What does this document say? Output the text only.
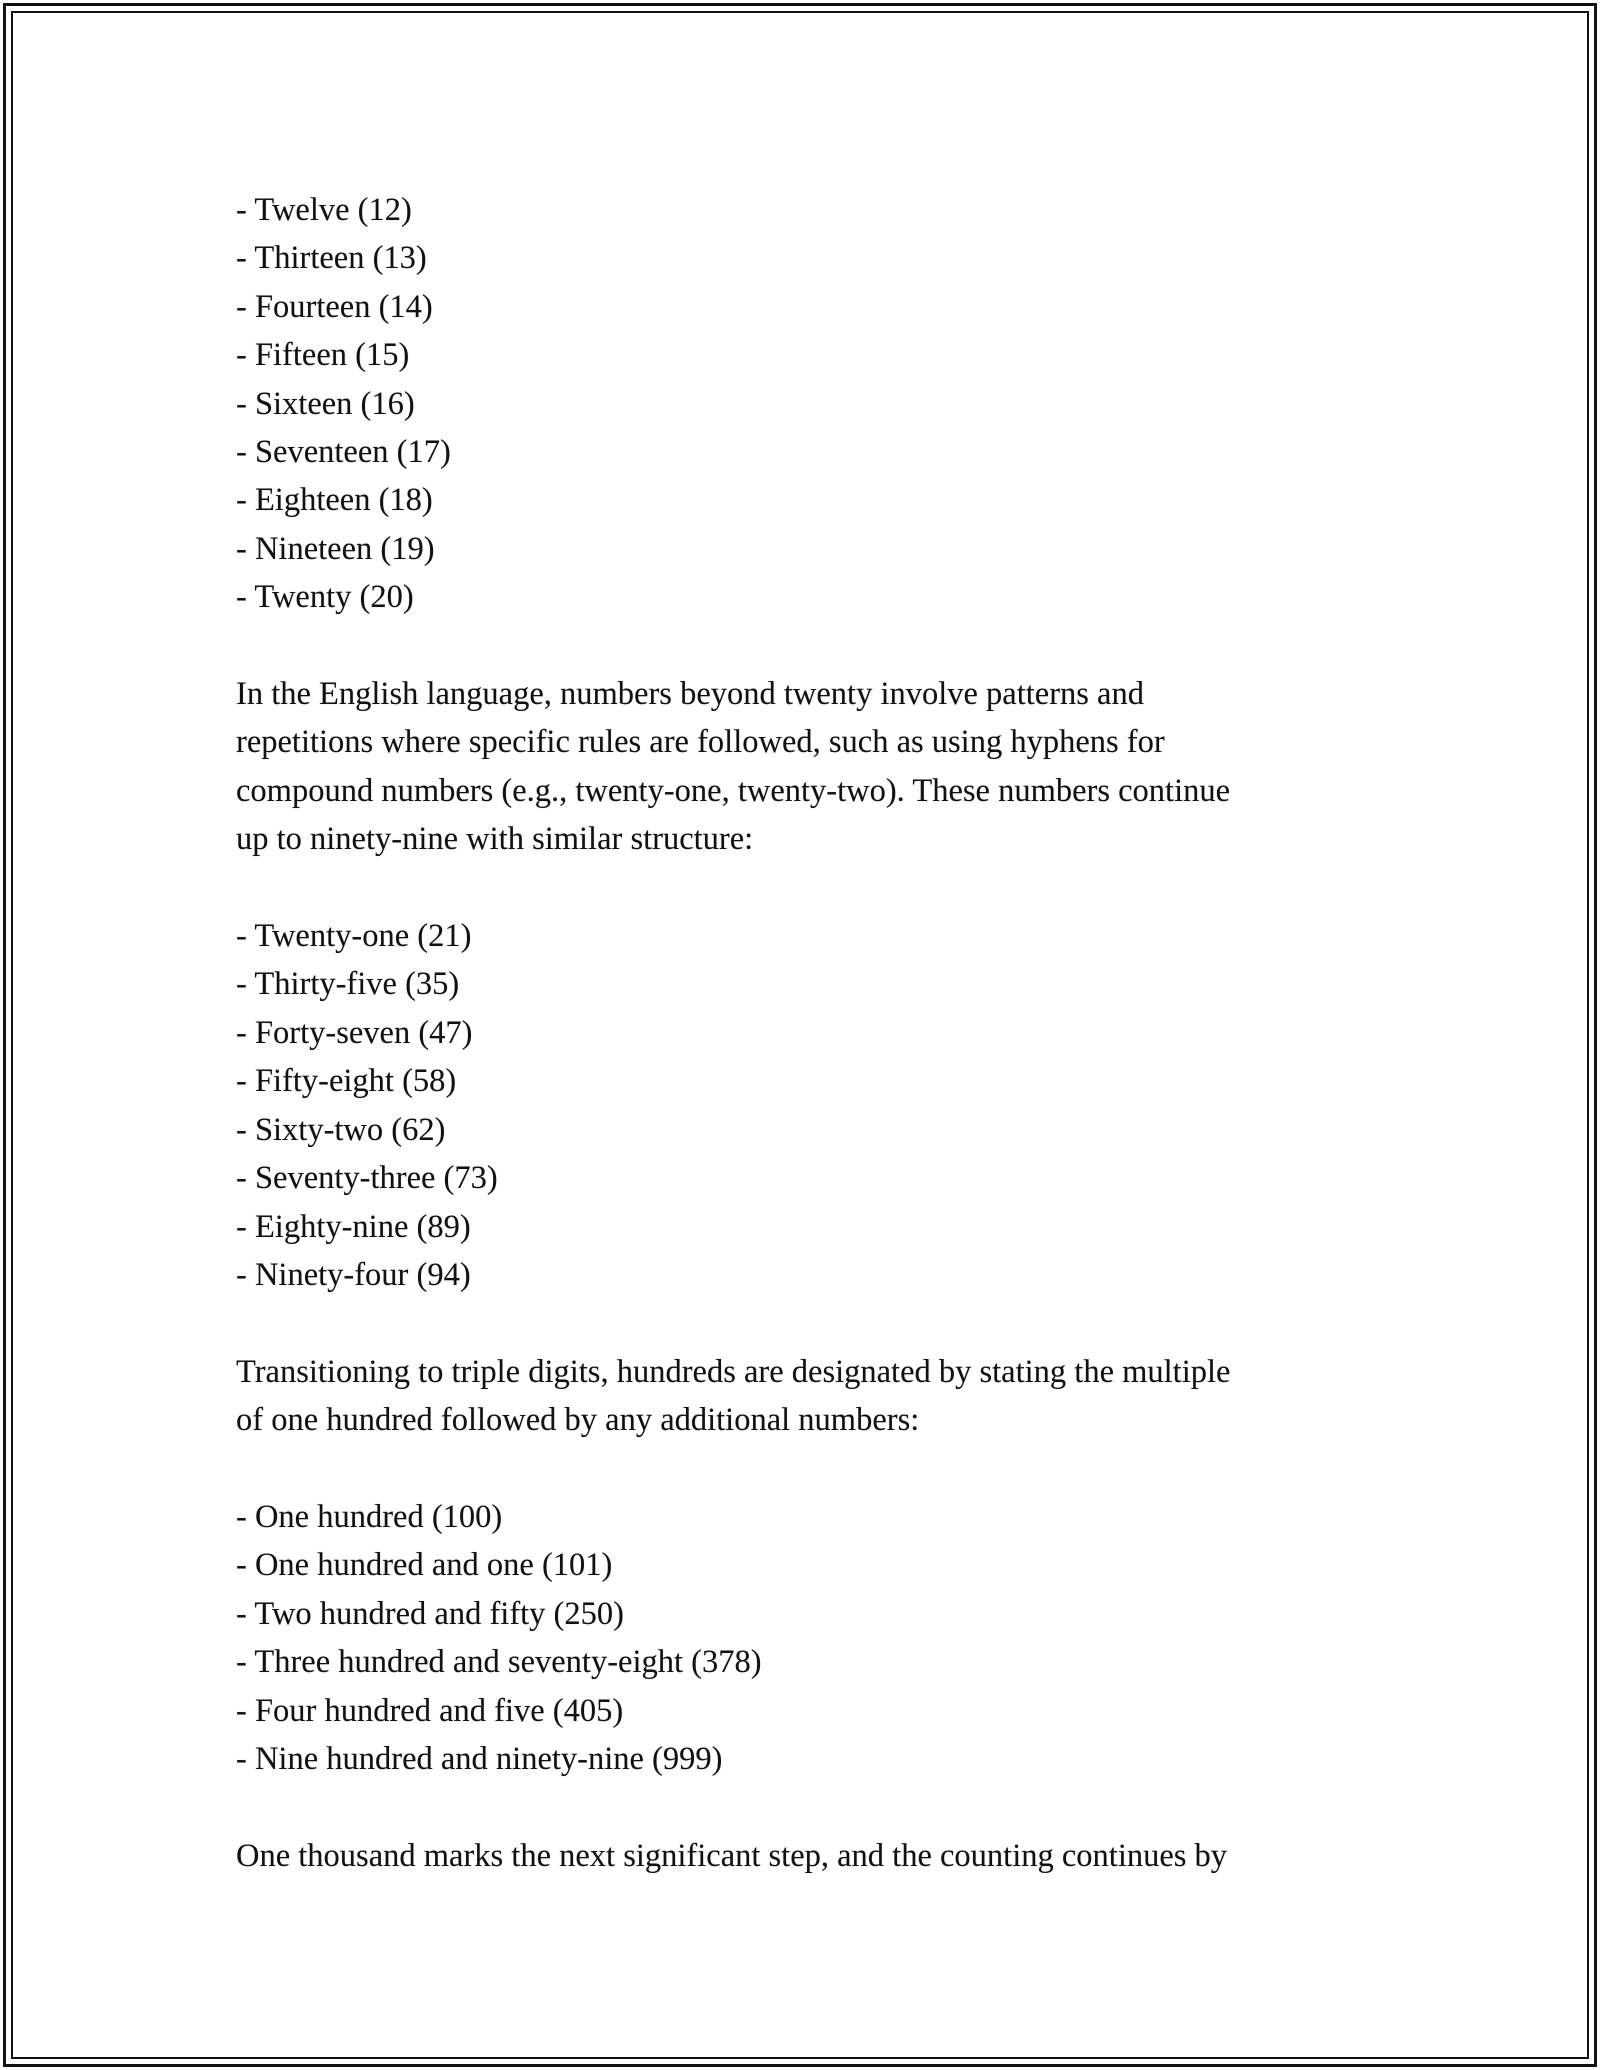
- Twelve (12)
- Thirteen (13)
- Fourteen (14)
- Fifteen (15)
- Sixteen (16)
- Seventeen (17)
- Eighteen (18)
- Nineteen (19)
- Twenty (20)
In the English language, numbers beyond twenty involve patterns and
repetitions where specific rules are followed, such as using hyphens for
compound numbers (e.g., twenty-one, twenty-two). These numbers continue
up to ninety-nine with similar structure:
- Twenty-one (21)
- Thirty-five (35)
- Forty-seven (47)
- Fifty-eight (58)
- Sixty-two (62)
- Seventy-three (73)
- Eighty-nine (89)
- Ninety-four (94)
Transitioning to triple digits, hundreds are designated by stating the multiple
of one hundred followed by any additional numbers:
- One hundred (100)
- One hundred and one (101)
- Two hundred and fifty (250)
- Three hundred and seventy-eight (378)
- Four hundred and five (405)
- Nine hundred and ninety-nine (999)
One thousand marks the next significant step, and the counting continues by
